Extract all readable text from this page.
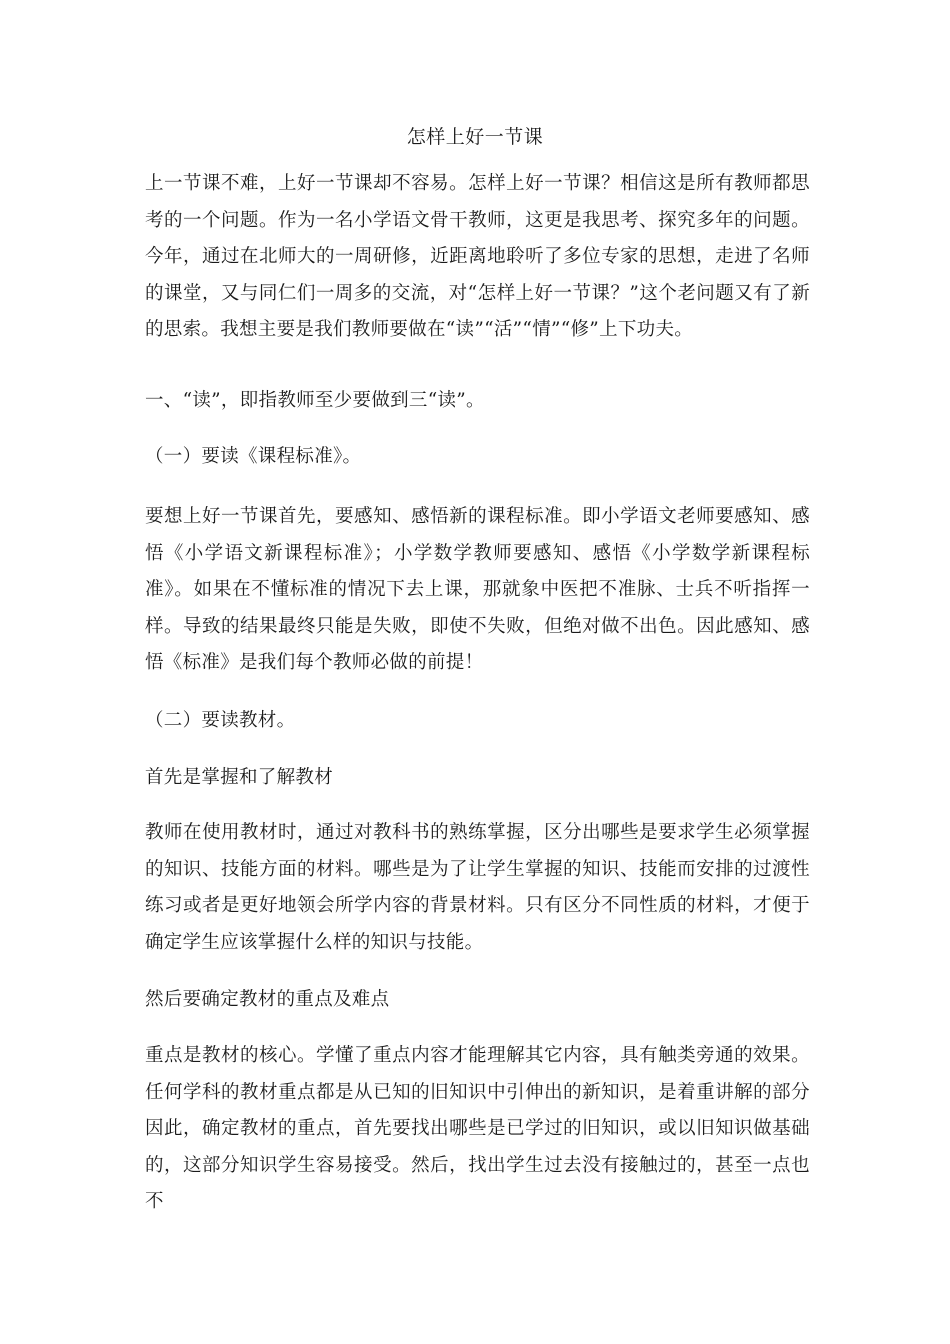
怎样上好一节课
上一节课不难，上好一节课却不容易。怎样上好一节课？相信这是所有教师都思考的一个问题。作为一名小学语文骨干教师，这更是我思考、探究多年的问题。今年，通过在北师大的一周研修，近距离地聆听了多位专家的思想，走进了名师的课堂，又与同仁们一周多的交流，对“怎样上好一节课？”这个老问题又有了新的思索。我想主要是我们教师要做在“读”“活”“情”“修”上下功夫。
一、“读”，即指教师至少要做到三“读”。
（一）要读《课程标准》。
要想上好一节课首先，要感知、感悟新的课程标准。即小学语文老师要感知、感悟《小学语文新课程标准》；小学数学教师要感知、感悟《小学数学新课程标准》。如果在不懂标准的情况下去上课，那就象中医把不准脉、士兵不听指挥一样。导致的结果最终只能是失败，即使不失败，但绝对做不出色。因此感知、感悟《标准》是我们每个教师必做的前提！
（二）要读教材。
首先是掌握和了解教材
教师在使用教材时，通过对教科书的熟练掌握，区分出哪些是要求学生必须掌握的知识、技能方面的材料。哪些是为了让学生掌握的知识、技能而安排的过渡性练习或者是更好地领会所学内容的背景材料。只有区分不同性质的材料，才便于确定学生应该掌握什么样的知识与技能。
然后要确定教材的重点及难点
重点是教材的核心。学懂了重点内容才能理解其它内容，具有触类旁通的效果。任何学科的教材重点都是从已知的旧知识中引伸出的新知识，是着重讲解的部分因此，确定教材的重点，首先要找出哪些是已学过的旧知识，或以旧知识做基础的，这部分知识学生容易接受。然后，找出学生过去没有接触过的，甚至一点也不
